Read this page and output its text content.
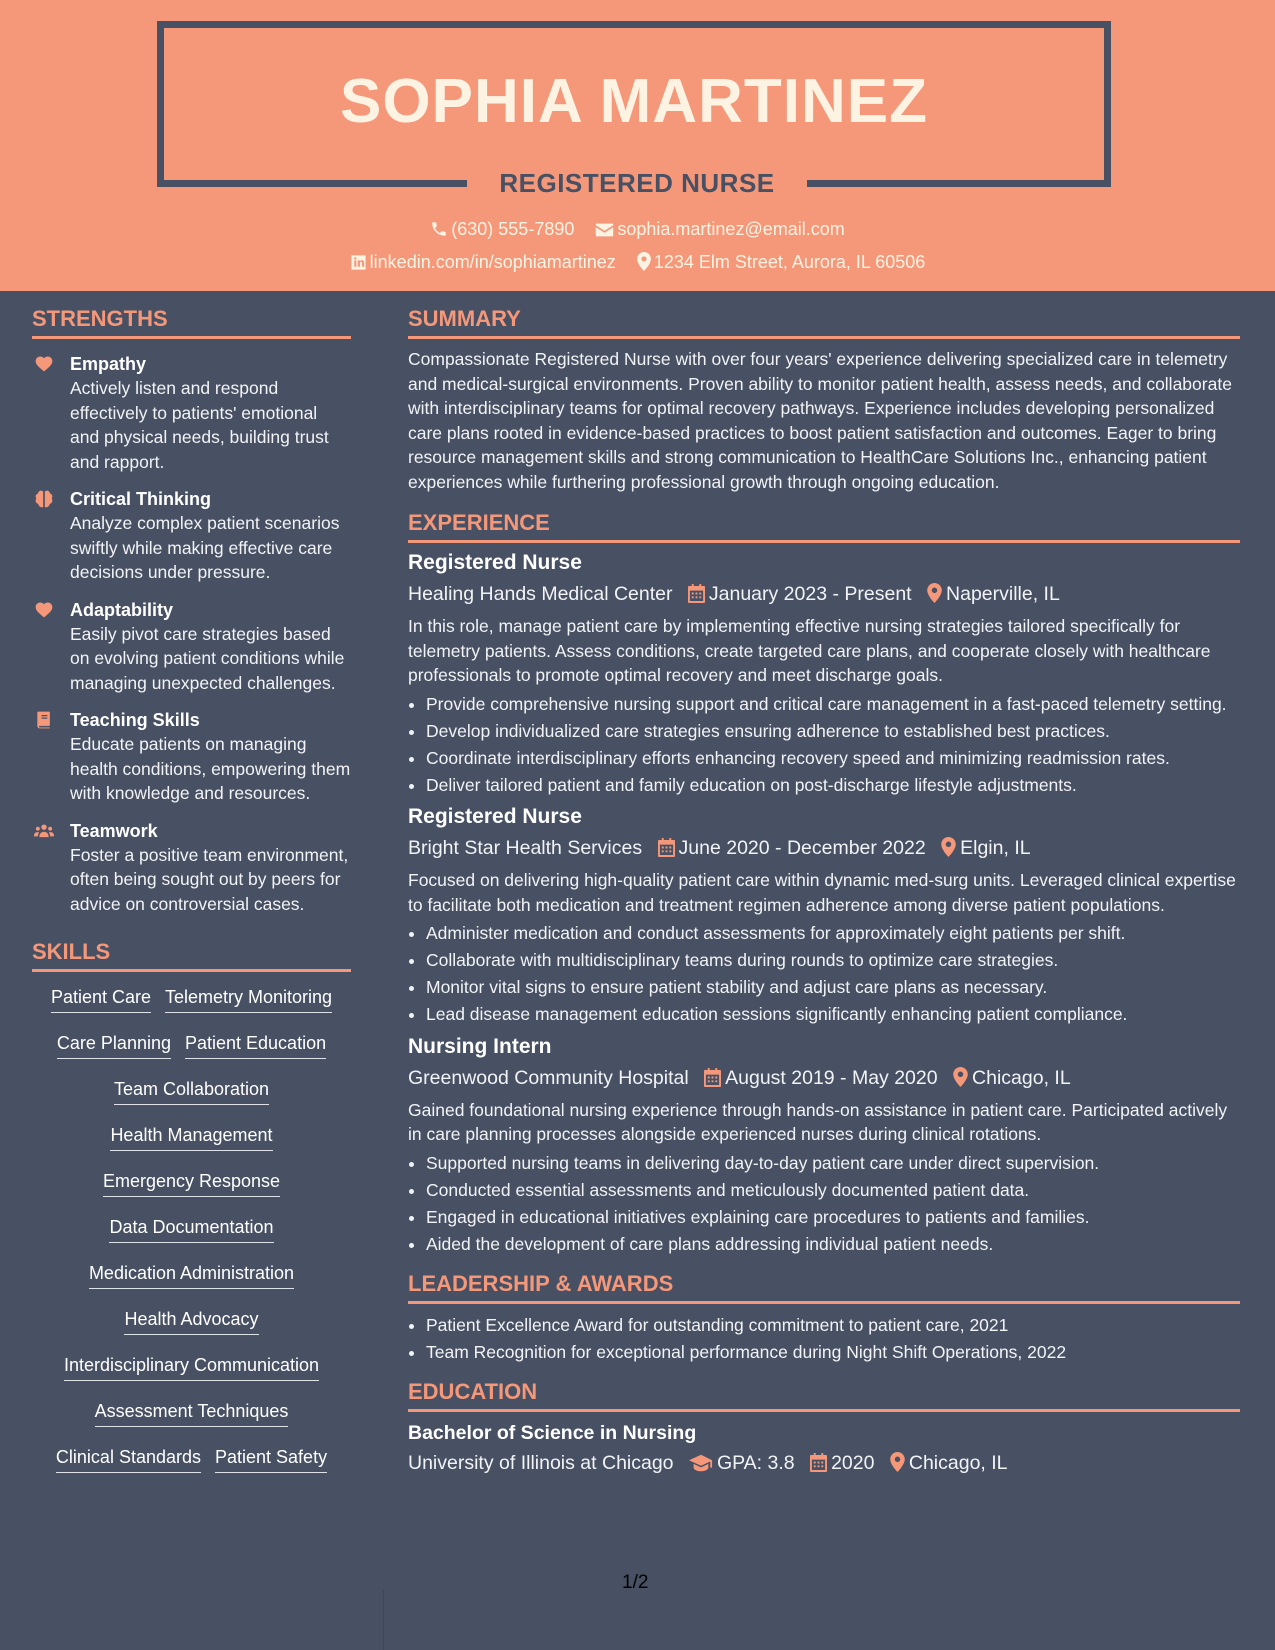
SOPHIA MARTINEZ
REGISTERED NURSE
(630) 555-7890 sophia.martinez@email.com
linkedin.com/in/sophiamartinez 1234 Elm Street, Aurora, IL 60506
STRENGTHS
Empathy
Actively listen and respond effectively to patients' emotional and physical needs, building trust and rapport.
Critical Thinking
Analyze complex patient scenarios swiftly while making effective care decisions under pressure.
Adaptability
Easily pivot care strategies based on evolving patient conditions while managing unexpected challenges.
Teaching Skills
Educate patients on managing health conditions, empowering them with knowledge and resources.
Teamwork
Foster a positive team environment, often being sought out by peers for advice on controversial cases.
SKILLS
Patient Care Telemetry Monitoring
Care Planning Patient Education
Team Collaboration
Health Management
Emergency Response
Data Documentation
Medication Administration
Health Advocacy
Interdisciplinary Communication
Assessment Techniques
Clinical Standards Patient Safety
SUMMARY
Compassionate Registered Nurse with over four years' experience delivering specialized care in telemetry and medical-surgical environments. Proven ability to monitor patient health, assess needs, and collaborate with interdisciplinary teams for optimal recovery pathways. Experience includes developing personalized care plans rooted in evidence-based practices to boost patient satisfaction and outcomes. Eager to bring resource management skills and strong communication to HealthCare Solutions Inc., enhancing patient experiences while furthering professional growth through ongoing education.
EXPERIENCE
Registered Nurse
Healing Hands Medical Center January 2023 - Present Naperville, IL
In this role, manage patient care by implementing effective nursing strategies tailored specifically for telemetry patients. Assess conditions, create targeted care plans, and cooperate closely with healthcare professionals to promote optimal recovery and meet discharge goals.
• Provide comprehensive nursing support and critical care management in a fast-paced telemetry setting.
• Develop individualized care strategies ensuring adherence to established best practices.
• Coordinate interdisciplinary efforts enhancing recovery speed and minimizing readmission rates.
• Deliver tailored patient and family education on post-discharge lifestyle adjustments.
Registered Nurse
Bright Star Health Services June 2020 - December 2022 Elgin, IL
Focused on delivering high-quality patient care within dynamic med-surg units. Leveraged clinical expertise to facilitate both medication and treatment regimen adherence among diverse patient populations.
• Administer medication and conduct assessments for approximately eight patients per shift.
• Collaborate with multidisciplinary teams during rounds to optimize care strategies.
• Monitor vital signs to ensure patient stability and adjust care plans as necessary.
• Lead disease management education sessions significantly enhancing patient compliance.
Nursing Intern
Greenwood Community Hospital August 2019 - May 2020 Chicago, IL
Gained foundational nursing experience through hands-on assistance in patient care. Participated actively in care planning processes alongside experienced nurses during clinical rotations.
• Supported nursing teams in delivering day-to-day patient care under direct supervision.
• Conducted essential assessments and meticulously documented patient data.
• Engaged in educational initiatives explaining care procedures to patients and families.
• Aided the development of care plans addressing individual patient needs.
LEADERSHIP & AWARDS
• Patient Excellence Award for outstanding commitment to patient care, 2021
• Team Recognition for exceptional performance during Night Shift Operations, 2022
EDUCATION
Bachelor of Science in Nursing
University of Illinois at Chicago GPA: 3.8 2020 Chicago, IL
1/2
